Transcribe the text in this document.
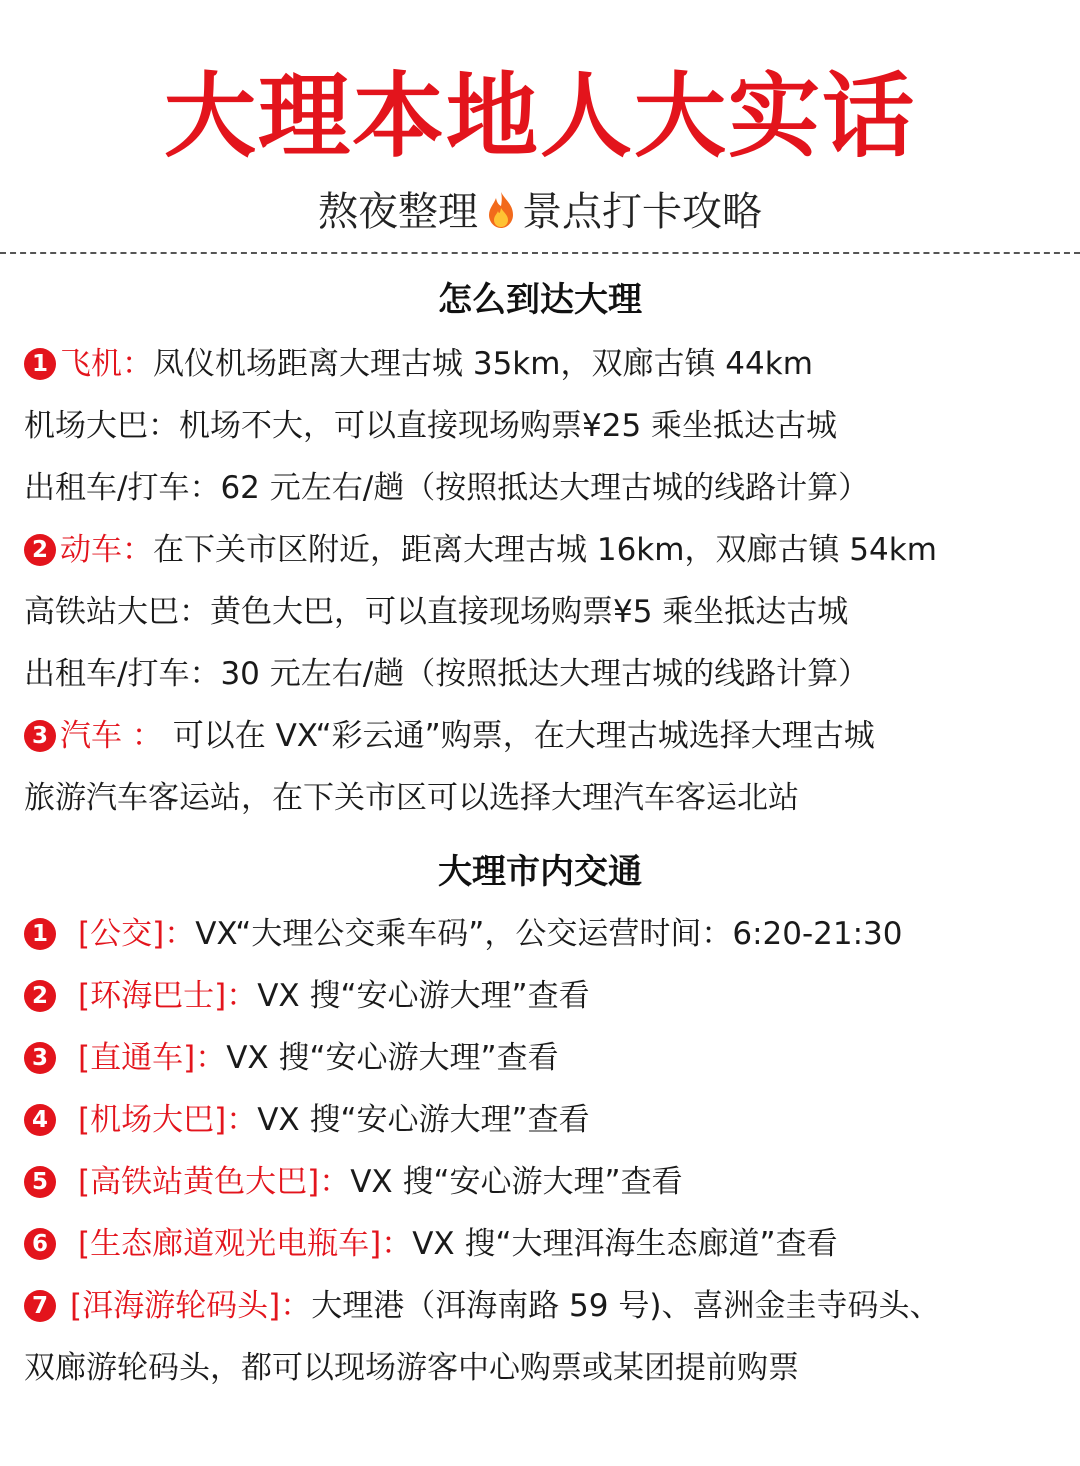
大理本地人大实话
熬夜整理 景点打卡攻略
怎么到达大理
1 飞机：凤仪机场距离大理古城 35km，双廊古镇 44km
机场大巴：机场不大，可以直接现场购票¥25 乘坐抵达古城
出租车/打车：62 元左右/趟（按照抵达大理古城的线路计算）
2 动车：在下关市区附近，距离大理古城 16km，双廊古镇 54km
高铁站大巴：黄色大巴，可以直接现场购票¥5 乘坐抵达古城
出租车/打车：30 元左右/趟（按照抵达大理古城的线路计算）
3 汽车 ： 可以在 VX“彩云通”购票，在大理古城选择大理古城
旅游汽车客运站，在下关市区可以选择大理汽车客运北站
大理市内交通
1 [公交]：VX“大理公交乘车码”，公交运营时间：6:20-21:30
2 [环海巴士]：VX 搜“安心游大理”查看
3 [直通车]：VX 搜“安心游大理”查看
4 [机场大巴]：VX 搜“安心游大理”查看
5 [高铁站黄色大巴]：VX 搜“安心游大理”查看
6 [生态廊道观光电瓶车]：VX 搜“大理洱海生态廊道”查看
7 [洱海游轮码头]：大理港（洱海南路 59 号)、喜洲金圭寺码头、
双廊游轮码头，都可以现场游客中心购票或某团提前购票
